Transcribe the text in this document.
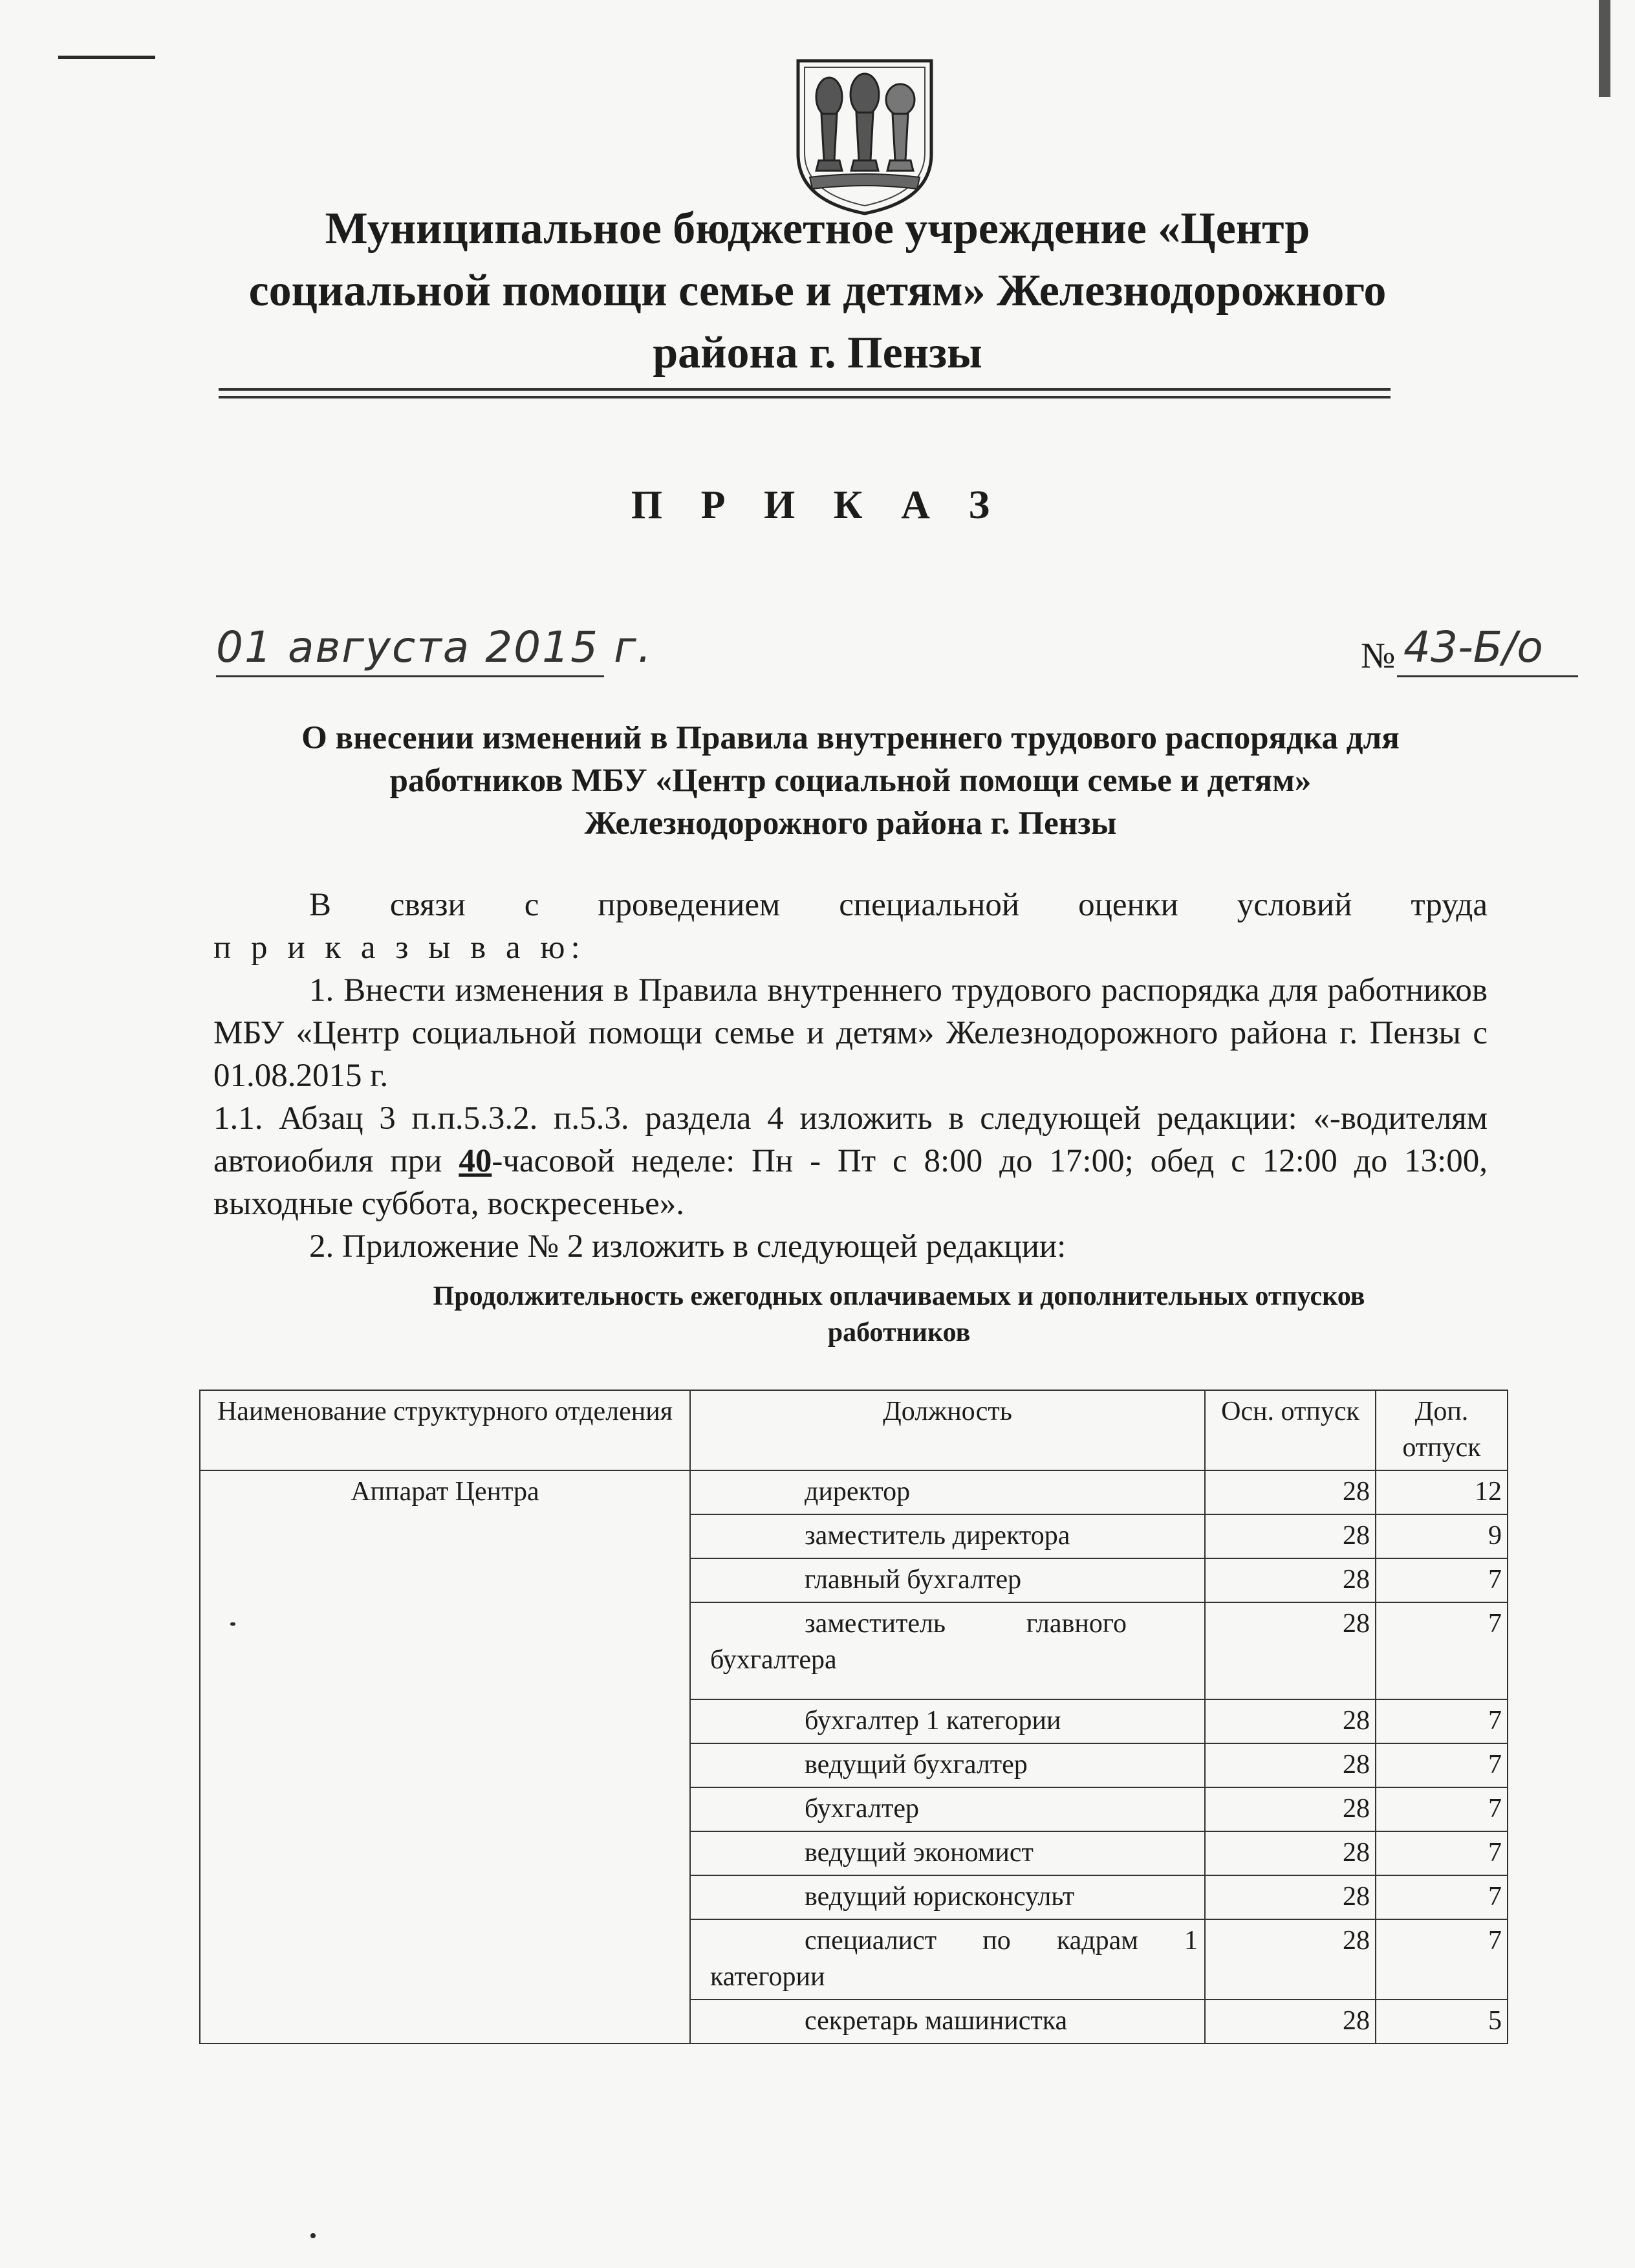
Муниципальное бюджетное учреждение «Центр
социальной помощи семье и детям» Железнодорожного
района г. Пензы
П Р И К А З
01 августа 2015 г.	№ 43-Б/о
О внесении изменений в Правила внутреннего трудового распорядка для
работников МБУ «Центр социальной помощи семье и детям»
Железнодорожного района г. Пензы

В связи с проведением специальной оценки условий труда

п р и к а з ы в а ю:

1. Внести изменения в Правила внутреннего трудового распорядка для работников МБУ «Центр социальной помощи семье и детям» Железнодорожного района г. Пензы с 01.08.2015 г.

1.1. Абзац 3 п.п.5.3.2. п.5.3. раздела 4 изложить в следующей редакции: «-водителям автоиобиля при 40-часовой неделе: Пн - Пт с 8:00 до 17:00; обед с 12:00 до 13:00, выходные суббота, воскресенье».

2. Приложение № 2 изложить в следующей редакции:

Продолжительность ежегодных оплачиваемых и дополнительных отпусков
работников
Наименование структурного отделения	Должность	Осн. отпуск	Доп. отпуск
Аппарат Центра	директор	28	12
	заместитель директора	28	9
	главный бухгалтер	28	7
	заместитель главного бухгалтера	28	7
	бухгалтер 1 категории	28	7
	ведущий бухгалтер	28	7
	бухгалтер	28	7
	ведущий экономист	28	7
	ведущий юрисконсульт	28	7
	специалист по кадрам 1 категории	28	7
	секретарь машинистка	28	5
